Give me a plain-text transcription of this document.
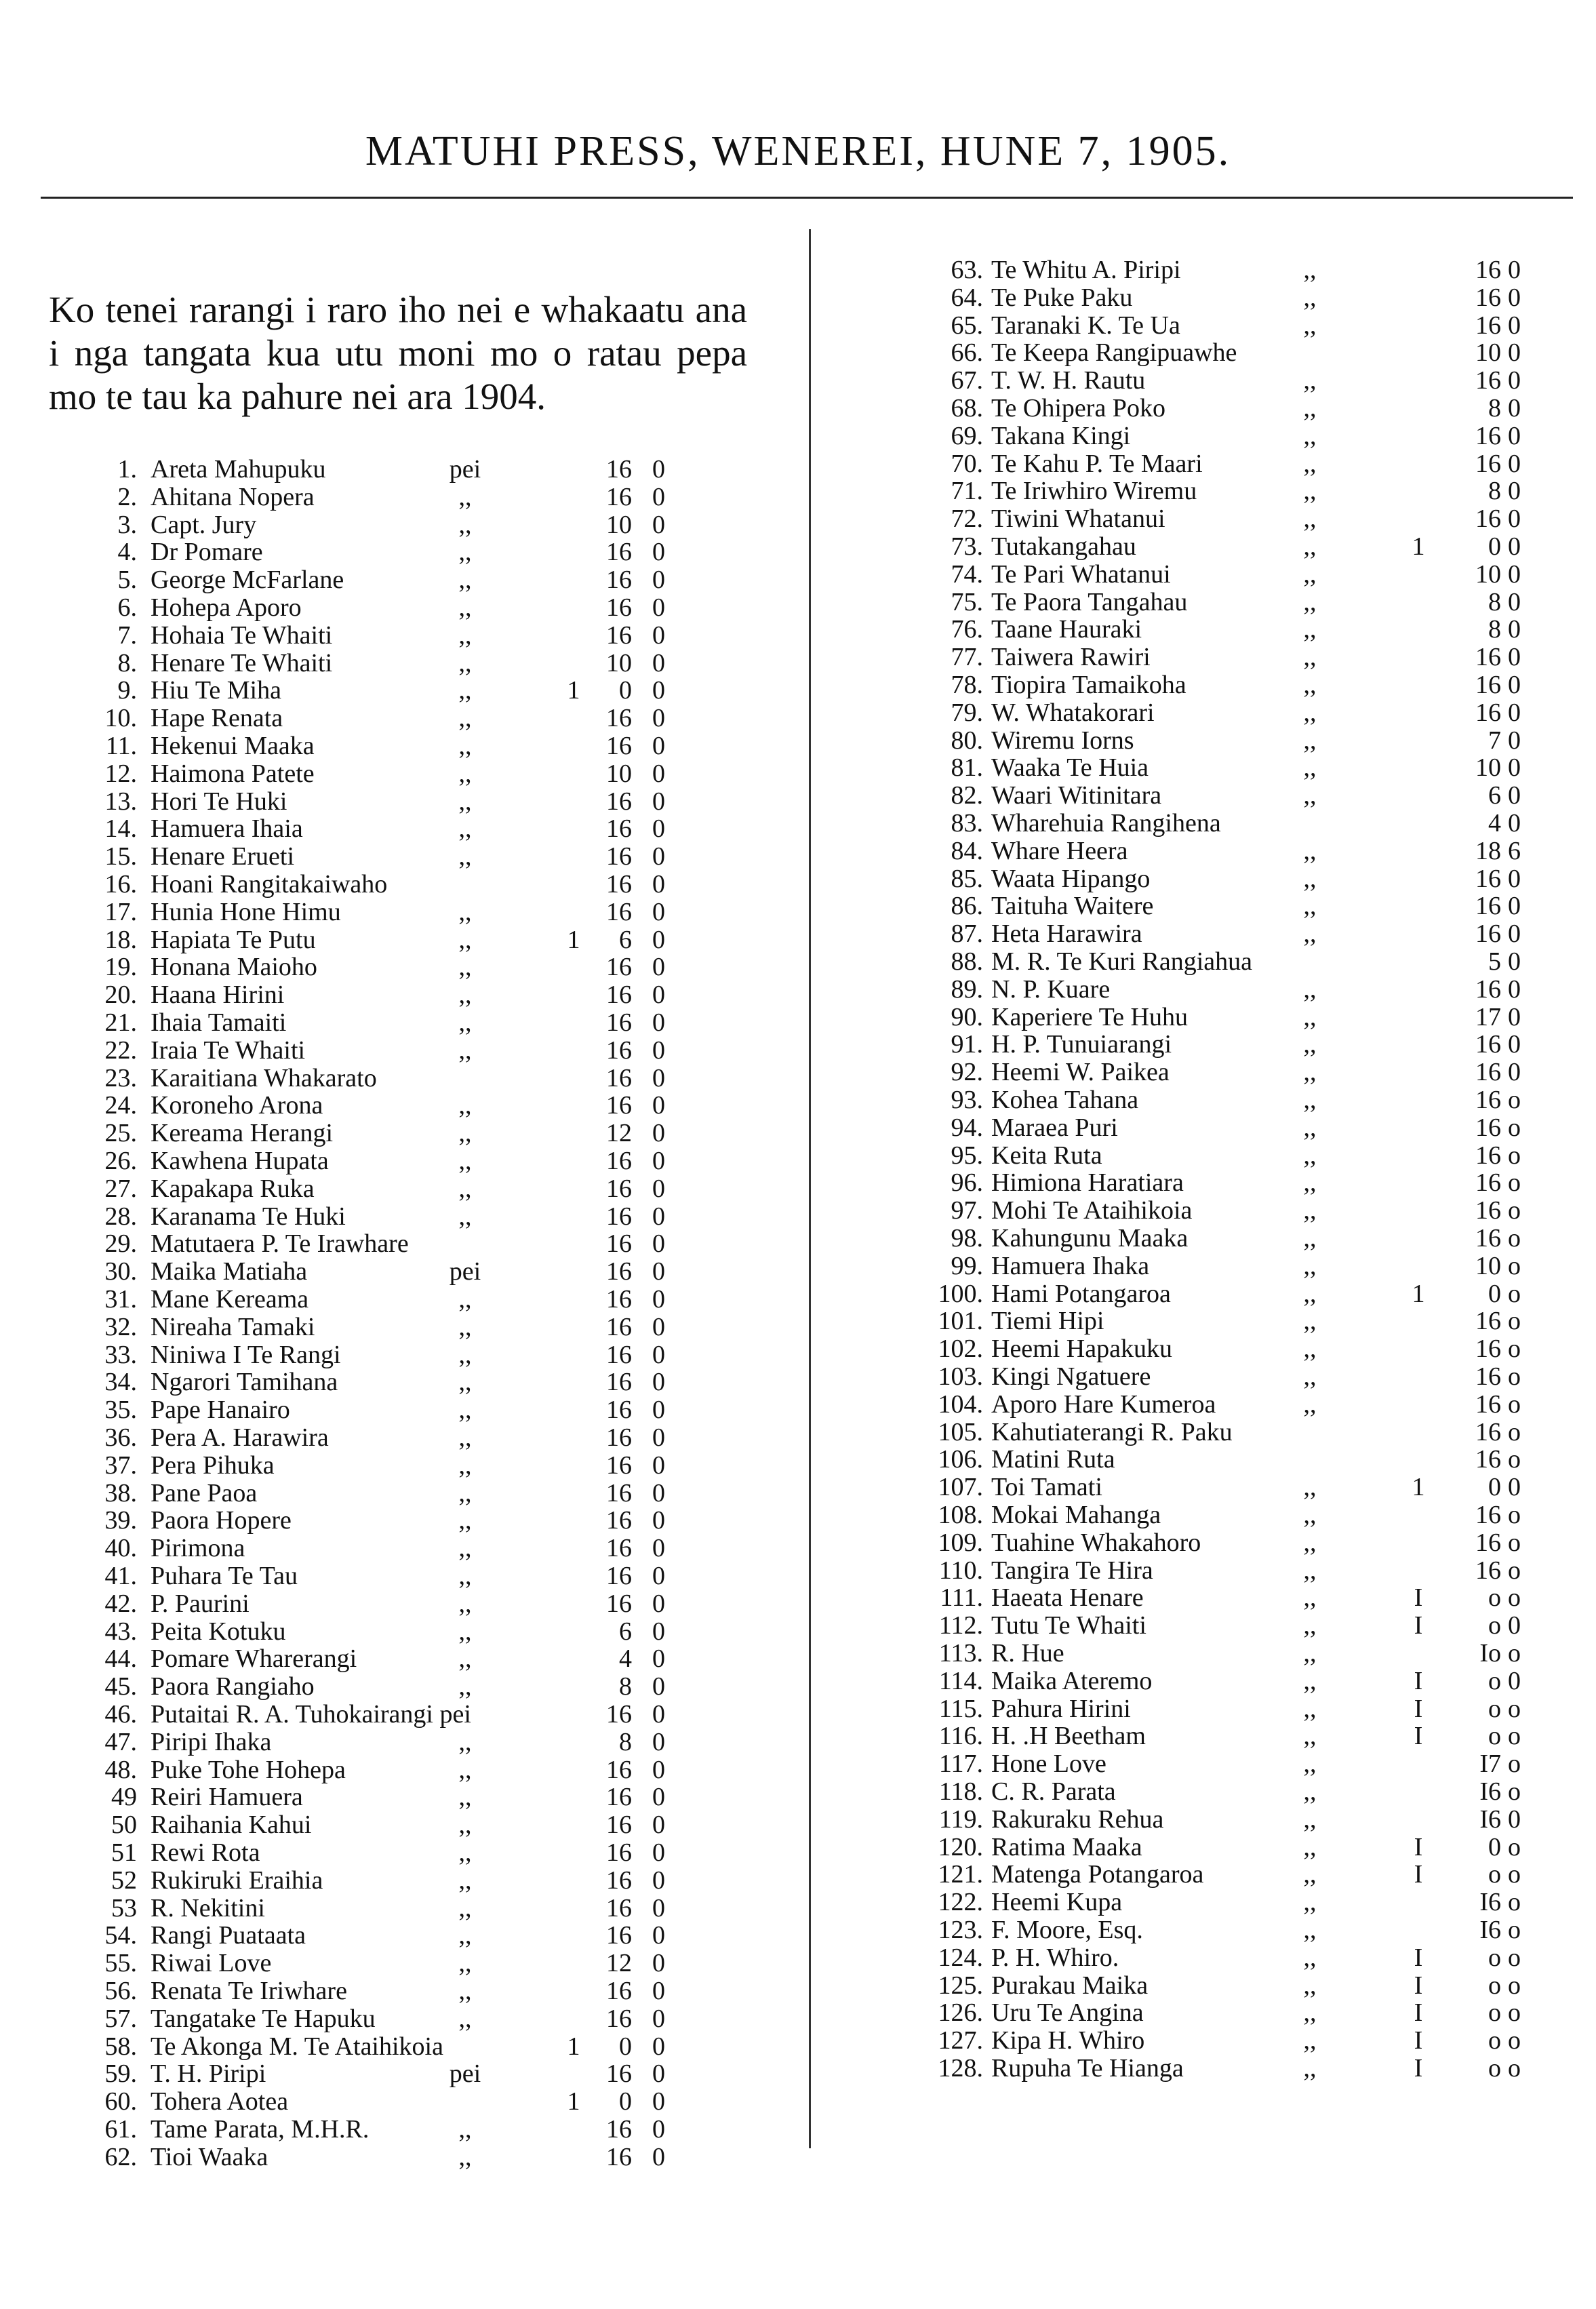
MATUHI PRESS, WENEREI, HUNE 7, 1905.

Ko tenei rarangi i raro iho nei e whakaatu ana i nga tangata kua utu moni mo o ratau pepa mo te tau ka pahure nei ara 1904.

1. Areta Mahupuku	pei	16 0
2. Ahitana Nopera	,,	16 0
3. Capt. Jury	,,	10 0
4. Dr Pomare	,,	16 0
5. George McFarlane	,,	16 0
6. Hohepa Aporo	,,	16 0
7. Hohaia Te Whaiti	,,	16 0
8. Henare Te Whaiti	,,	10 0
9. Hiu Te Miha	,,	1	0 0
10. Hape Renata	,,	16 0
11. Hekenui Maaka	,,	16 0
12. Haimona Patete	,,	10 0
13. Hori Te Huki	,,	16 0
14. Hamuera Ihaia	,,	16 0
15. Henare Erueti	,,	16 0
16. Hoani Rangitakaiwaho	16 0
17. Hunia Hone Himu	,,	16 0
18. Hapiata Te Putu	,,	1	6 0
19. Honana Maioho	,,	16 0
20. Haana Hirini	,,	16 0
21. Ihaia Tamaiti	,,	16 0
22. Iraia Te Whaiti	,,	16 0
23. Karaitiana Whakarato	16 0
24. Koroneho Arona	,,	16 0
25. Kereama Herangi	,,	12 0
26. Kawhena Hupata	,,	16 0
27. Kapakapa Ruka	,,	16 0
28. Karanama Te Huki	,,	16 0
29. Matutaera P. Te Irawhare	16 0
30. Maika Matiaha	pei	16 0
31. Mane Kereama	,,	16 0
32. Nireaha Tamaki	,,	16 0
33. Niniwa I Te Rangi	,,	16 0
34. Ngarori Tamihana	,,	16 0
35. Pape Hanairo	,,	16 0
36. Pera A. Harawira	,,	16 0
37. Pera Pihuka	,,	16 0
38. Pane Paoa	,,	16 0
39. Paora Hopere	,,	16 0
40. Pirimona	,,	16 0
41. Puhara Te Tau	,,	16 0
42. P. Paurini	,,	16 0
43. Peita Kotuku	,,	6 0
44. Pomare Wharerangi	,,	4 0
45. Paora Rangiaho	,,	8 0
46. Putaitai R. A. Tuhokairangi pei	16 0
47. Piripi Ihaka	,,	8 0
48. Puke Tohe Hohepa	,,	16 0
49 Reiri Hamuera	,,	16 0
50 Raihania Kahui	,,	16 0
51 Rewi Rota	,,	16 0
52 Rukiruki Eraihia	,,	16 0
53 R. Nekitini	,,	16 0
54. Rangi Puataata	,,	16 0
55. Riwai Love	,,	12 0
56. Renata Te Iriwhare	,,	16 0
57. Tangatake Te Hapuku	,,	16 0
58. Te Akonga M. Te Ataihikoia	1	0 0
59. T. H. Piripi	pei	16 0
60. Tohera Aotea	1	0 0
61. Tame Parata, M.H.R.	,,	16 0
62. Tioi Waaka	,,	16 0
63. Te Whitu A. Piripi	,,	16 0
64. Te Puke Paku	,,	16 0
65. Taranaki K. Te Ua	,,	16 0
66. Te Keepa Rangipuawhe	10 0
67. T. W. H. Rautu	,,	16 0
68. Te Ohipera Poko	,,	8 0
69. Takana Kingi	,,	16 0
70. Te Kahu P. Te Maari	,,	16 0
71. Te Iriwhiro Wiremu	,,	8 0
72. Tiwini Whatanui	,,	16 0
73. Tutakangahau	,,	1	0 0
74. Te Pari Whatanui	,,	10 0
75. Te Paora Tangahau	,,	8 0
76. Taane Hauraki	,,	8 0
77. Taiwera Rawiri	,,	16 0
78. Tiopira Tamaikoha	,,	16 0
79. W. Whatakorari	,,	16 0
80. Wiremu Iorns	,,	7 0
81. Waaka Te Huia	,,	10 0
82. Waari Witinitara	,,	6 0
83. Wharehuia Rangihena	4 0
84. Whare Heera	,,	18 6
85. Waata Hipango	,,	16 0
86. Taituha Waitere	,,	16 0
87. Heta Harawira	,,	16 0
88. M. R. Te Kuri Rangiahua	5 0
89. N. P. Kuare	,,	16 0
90. Kaperiere Te Huhu	,,	17 0
91. H. P. Tunuiarangi	,,	16 0
92. Heemi W. Paikea	,,	16 0
93. Kohea Tahana	,,	16 o
94. Maraea Puri	,,	16 o
95. Keita Ruta	,,	16 o
96. Himiona Haratiara	,,	16 o
97. Mohi Te Ataihikoia	,,	16 o
98. Kahungunu Maaka	,,	16 o
99. Hamuera Ihaka	,,	10 o
100. Hami Potangaroa	,,	1	0 o
101. Tiemi Hipi	,,	16 o
102. Heemi Hapakuku	,,	16 o
103. Kingi Ngatuere	,,	16 o
104. Aporo Hare Kumeroa	,,	16 o
105. Kahutiaterangi R. Paku	16 o
106. Matini Ruta	16 o
107. Toi Tamati	,,	1	0 0
108. Mokai Mahanga	,,	16 o
109. Tuahine Whakahoro	,,	16 o
110. Tangira Te Hira	,,	16 o
111. Haeata Henare	,,	I	o o
112. Tutu Te Whaiti	,,	I	o 0
113. R. Hue	,,	Io o
114. Maika Ateremo	,,	I	o 0
115. Pahura Hirini	,,	I	o o
116. H. .H Beetham	,,	I	o o
117. Hone Love	,,	I7 o
118. C. R. Parata	,,	I6 o
119. Rakuraku Rehua	,,	I6 0
120. Ratima Maaka	,,	I	0 o
121. Matenga Potangaroa	,,	I	o o
122. Heemi Kupa	,,	I6 o
123. F. Moore, Esq.	,,	I6 o
124. P. H. Whiro.	,,	I	o o
125. Purakau Maika	,,	I	o o
126. Uru Te Angina	,,	I	o o
127. Kipa H. Whiro	,,	I	o o
128. Rupuha Te Hianga	,,	I	o o
